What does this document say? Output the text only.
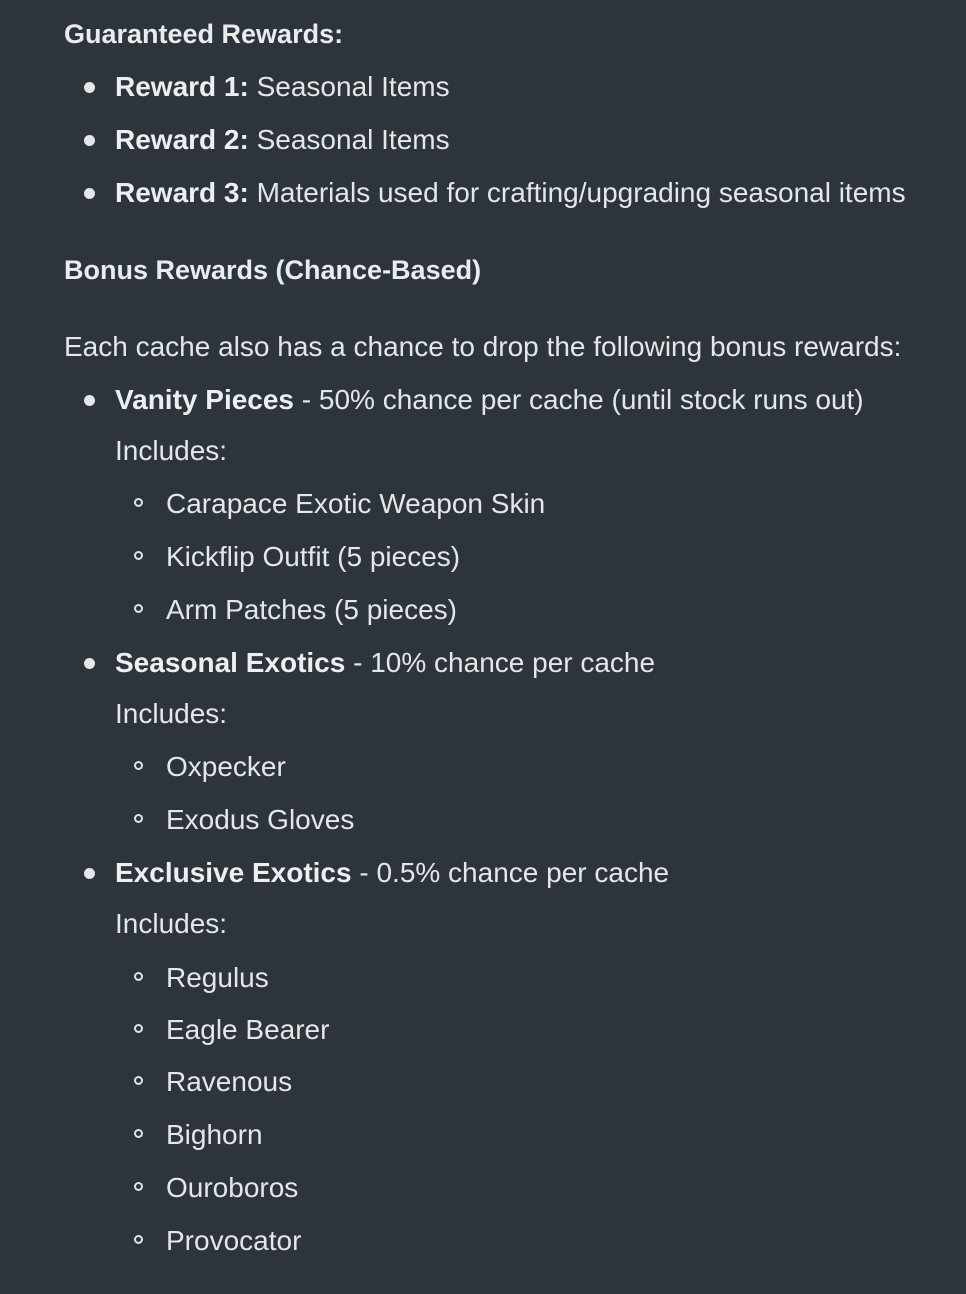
Guaranteed Rewards:
Reward 1: Seasonal Items
Reward 2: Seasonal Items
Reward 3: Materials used for crafting/upgrading seasonal items
Bonus Rewards (Chance-Based)
Each cache also has a chance to drop the following bonus rewards:
Vanity Pieces - 50% chance per cache (until stock runs out)
Includes:
Carapace Exotic Weapon Skin
Kickflip Outfit (5 pieces)
Arm Patches (5 pieces)
Seasonal Exotics - 10% chance per cache
Includes:
Oxpecker
Exodus Gloves
Exclusive Exotics - 0.5% chance per cache
Includes:
Regulus
Eagle Bearer
Ravenous
Bighorn
Ouroboros
Provocator
